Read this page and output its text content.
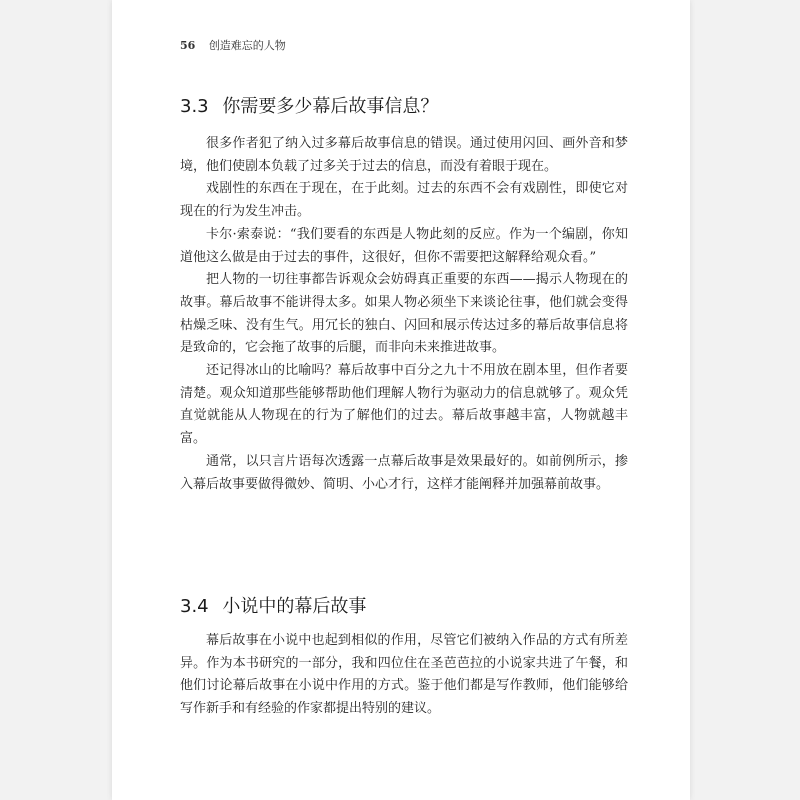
56 创造难忘的人物
3.3 你需要多少幕后故事信息？

很多作者犯了纳入过多幕后故事信息的错误。通过使用闪回、画外音和梦境，他们使剧本负载了过多关于过去的信息，而没有着眼于现在。

戏剧性的东西在于现在，在于此刻。过去的东西不会有戏剧性，即使它对现在的行为发生冲击。

卡尔·索泰说：“我们要看的东西是人物此刻的反应。作为一个编剧，你知道他这么做是由于过去的事件，这很好，但你不需要把这解释给观众看。”

把人物的一切往事都告诉观众会妨碍真正重要的东西——揭示人物现在的故事。幕后故事不能讲得太多。如果人物必须坐下来谈论往事，他们就会变得枯燥乏味、没有生气。用冗长的独白、闪回和展示传达过多的幕后故事信息将是致命的，它会拖了故事的后腿，而非向未来推进故事。

还记得冰山的比喻吗？幕后故事中百分之九十不用放在剧本里，但作者要清楚。观众知道那些能够帮助他们理解人物行为驱动力的信息就够了。观众凭直觉就能从人物现在的行为了解他们的过去。幕后故事越丰富，人物就越丰富。

通常，以只言片语每次透露一点幕后故事是效果最好的。如前例所示，掺入幕后故事要做得微妙、简明、小心才行，这样才能阐释并加强幕前故事。

3.4 小说中的幕后故事

幕后故事在小说中也起到相似的作用，尽管它们被纳入作品的方式有所差异。作为本书研究的一部分，我和四位住在圣芭芭拉的小说家共进了午餐，和他们讨论幕后故事在小说中作用的方式。鉴于他们都是写作教师，他们能够给写作新手和有经验的作家都提出特别的建议。
